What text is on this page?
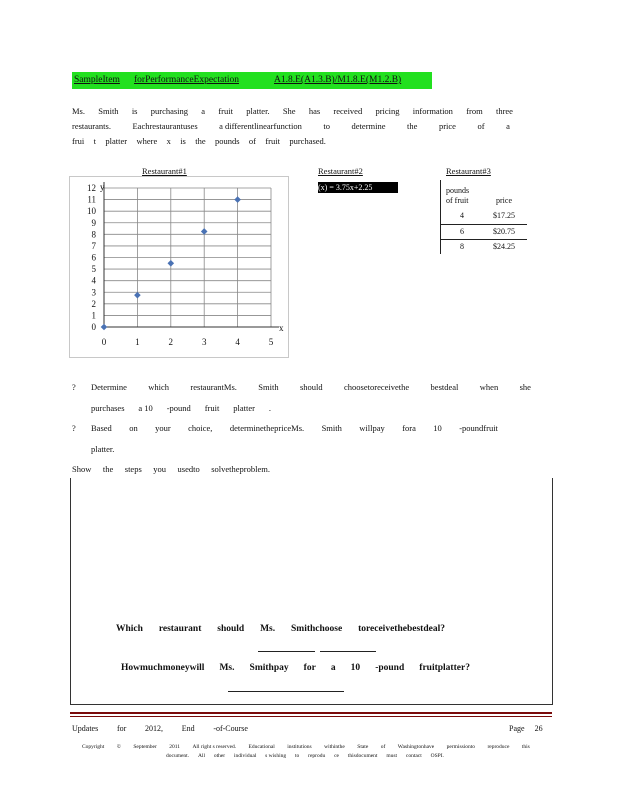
SampleItem forPerformanceExpectation	A1.8.E(A1.3.B)/M1.8.E(M1.2.B)
Ms. Smith is purchasing a fruit platter. She has received pricing information from three
restaurants.	Eachrestaurantuses	a differentlinearfunction	to	determine	the	price	of	a
frui t platter where x is the pounds of fruit purchased.
Restaurant#1	Restaurant#2
(x) = 3.75x+2.25
Restaurant#3
0
1
2
3
4
5
6
7
8
9
10
11
12
0	1	2	3	4	5
y
x
pounds
of fruit	price
4	$17.25
6	$20.75
8	$24.25
? Determine	which	restaurantMs.	Smith	should	choosetoreceivethe	bestdeal	when	she
purchases a 10 -pound fruit platter .
? Based on your choice, determinethepriceMs. Smith willpay fora 10 -poundfruit
platter.
Show the steps you usedto solvetheproblem.
Which restaurant should Ms. Smithchoose toreceivethebestdeal?
Howmuchmoneywill Ms. Smithpay for a 10 -pound fruitplatter?
Updates for 2012, End -of-Course	Page 26
Copyright © September 2011 All right s reserved. Educational institutions withinthe State of Washingtonhave permissionto reproduce this
document. All other individual s wishing to reprodu ce thisdocument must contact OSPI.
